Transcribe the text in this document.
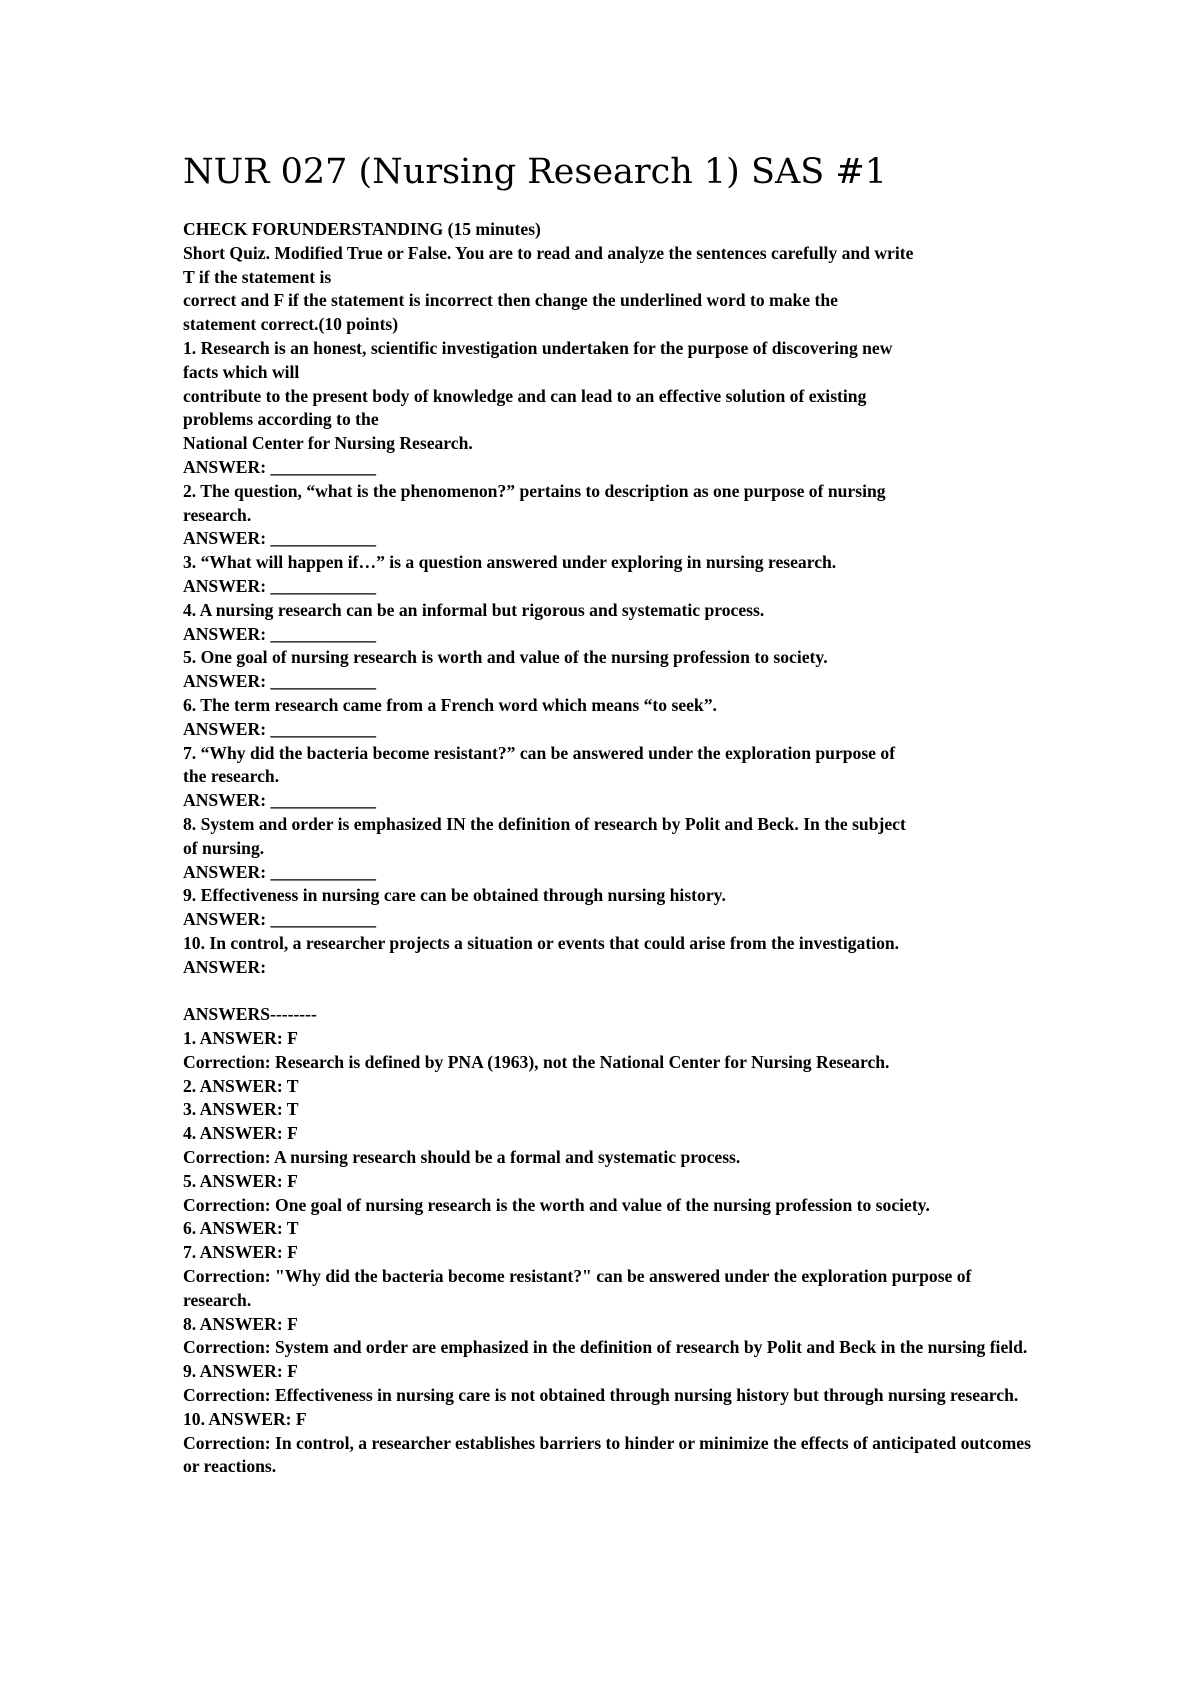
NUR 027 (Nursing Research 1) SAS #1
CHECK FORUNDERSTANDING (15 minutes)
Short Quiz. Modified True or False. You are to read and analyze the sentences carefully and write
T if the statement is
correct and F if the statement is incorrect then change the underlined word to make the
statement correct.(10 points)
1. Research is an honest, scientific investigation undertaken for the purpose of discovering new
facts which will
contribute to the present body of knowledge and can lead to an effective solution of existing
problems according to the
National Center for Nursing Research.
ANSWER: ____________
2. The question, “what is the phenomenon?” pertains to description as one purpose of nursing
research.
ANSWER: ____________
3. “What will happen if…” is a question answered under exploring in nursing research.
ANSWER: ____________
4. A nursing research can be an informal but rigorous and systematic process.
ANSWER: ____________
5. One goal of nursing research is worth and value of the nursing profession to society.
ANSWER: ____________
6. The term research came from a French word which means “to seek”.
ANSWER: ____________
7. “Why did the bacteria become resistant?” can be answered under the exploration purpose of
the research.
ANSWER: ____________
8. System and order is emphasized IN the definition of research by Polit and Beck. In the subject
of nursing.
ANSWER: ____________
9. Effectiveness in nursing care can be obtained through nursing history.
ANSWER: ____________
10. In control, a researcher projects a situation or events that could arise from the investigation.
ANSWER:
ANSWERS--------
1. ANSWER: F
Correction: Research is defined by PNA (1963), not the National Center for Nursing Research.
2. ANSWER: T
3. ANSWER: T
4. ANSWER: F
Correction: A nursing research should be a formal and systematic process.
5. ANSWER: F
Correction: One goal of nursing research is the worth and value of the nursing profession to society.
6. ANSWER: T
7. ANSWER: F
Correction: "Why did the bacteria become resistant?" can be answered under the exploration purpose of research.
8. ANSWER: F
Correction: System and order are emphasized in the definition of research by Polit and Beck in the nursing field.
9. ANSWER: F
Correction: Effectiveness in nursing care is not obtained through nursing history but through nursing research.
10. ANSWER: F
Correction: In control, a researcher establishes barriers to hinder or minimize the effects of anticipated outcomes or reactions.
